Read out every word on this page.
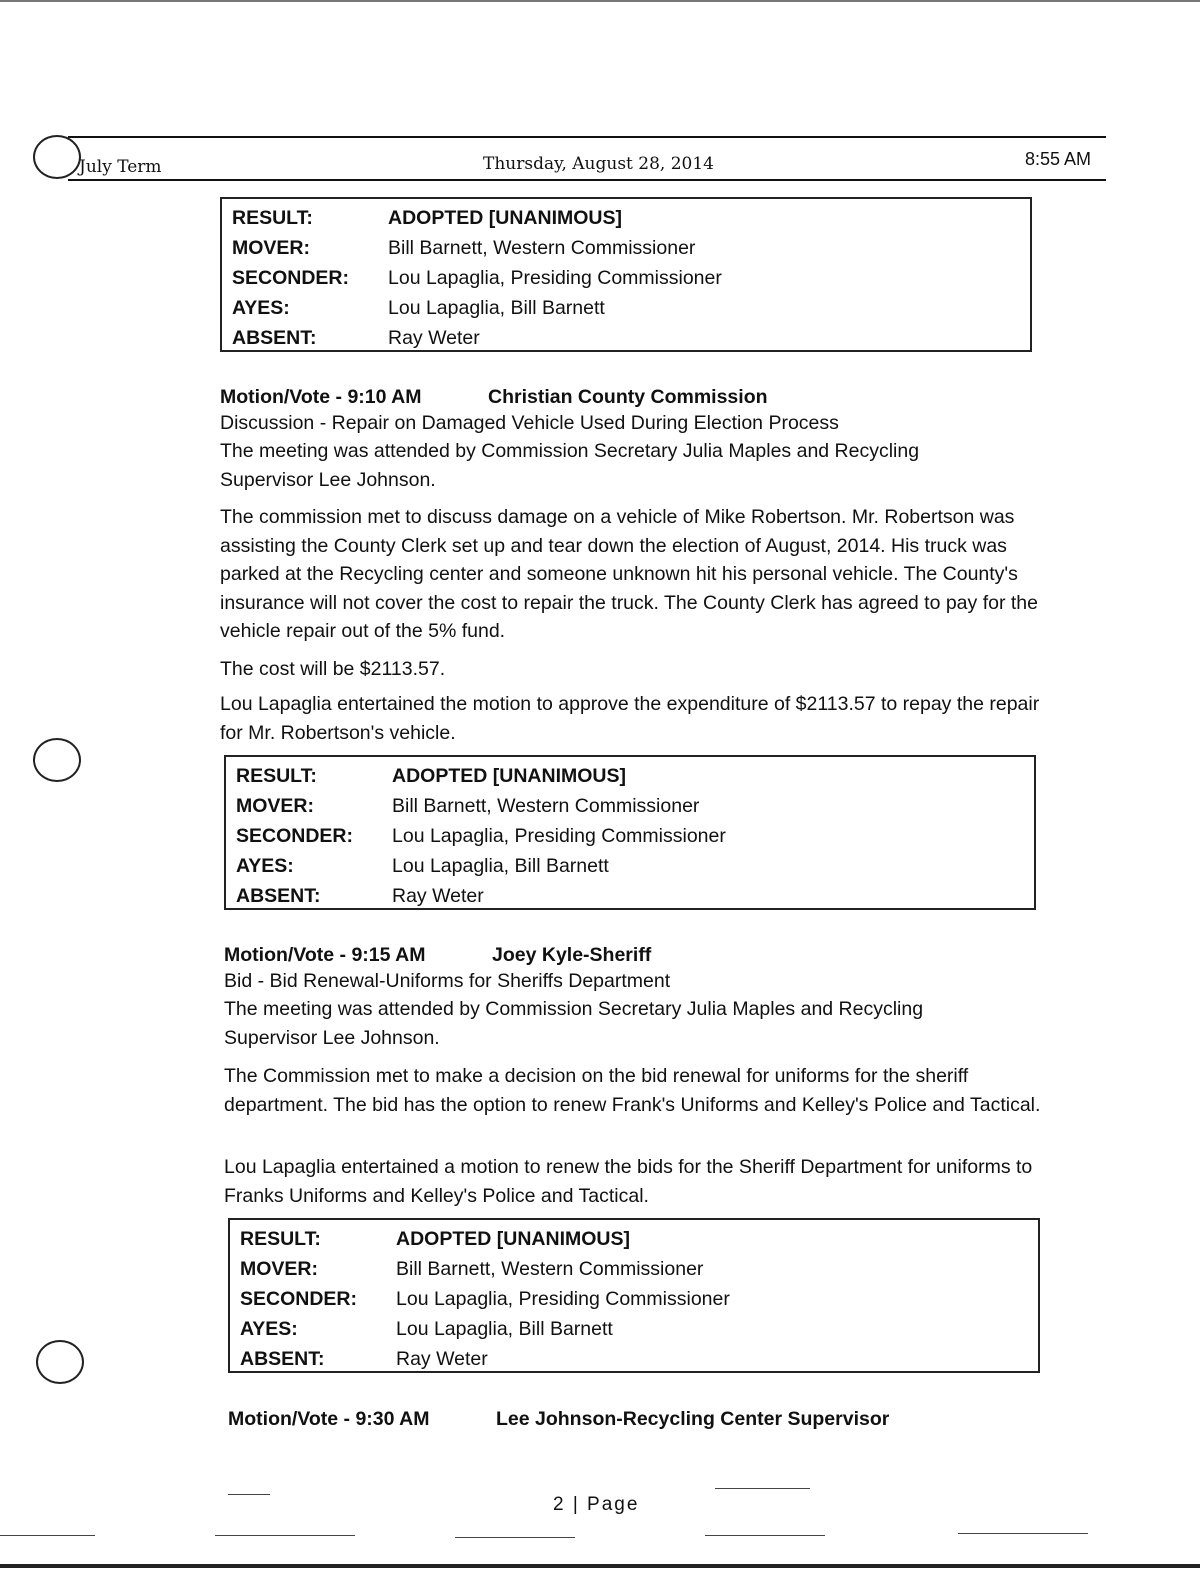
July Term	Thursday, August 28, 2014	8:55 AM
RESULT:	ADOPTED [UNANIMOUS]
MOVER:	Bill Barnett, Western Commissioner
SECONDER:	Lou Lapaglia, Presiding Commissioner
AYES:	Lou Lapaglia, Bill Barnett
ABSENT:	Ray Weter
Motion/Vote - 9:10 AM	Christian County Commission
Discussion - Repair on Damaged Vehicle Used During Election Process
The meeting was attended by Commission Secretary Julia Maples and Recycling
Supervisor Lee Johnson.
The commission met to discuss damage on a vehicle of Mike Robertson. Mr. Robertson was assisting the County Clerk set up and tear down the election of August, 2014. His truck was parked at the Recycling center and someone unknown hit his personal vehicle. The County's insurance will not cover the cost to repair the truck. The County Clerk has agreed to pay for the vehicle repair out of the 5% fund.
The cost will be $2113.57.
Lou Lapaglia entertained the motion to approve the expenditure of $2113.57 to repay the repair for Mr. Robertson's vehicle.
RESULT:	ADOPTED [UNANIMOUS]
MOVER:	Bill Barnett, Western Commissioner
SECONDER:	Lou Lapaglia, Presiding Commissioner
AYES:	Lou Lapaglia, Bill Barnett
ABSENT:	Ray Weter
Motion/Vote - 9:15 AM	Joey Kyle-Sheriff
Bid - Bid Renewal-Uniforms for Sheriffs Department
The meeting was attended by Commission Secretary Julia Maples and Recycling
Supervisor Lee Johnson.
The Commission met to make a decision on the bid renewal for uniforms for the sheriff department. The bid has the option to renew Frank's Uniforms and Kelley's Police and Tactical.
Lou Lapaglia entertained a motion to renew the bids for the Sheriff Department for uniforms to Franks Uniforms and Kelley's Police and Tactical.
RESULT:	ADOPTED [UNANIMOUS]
MOVER:	Bill Barnett, Western Commissioner
SECONDER:	Lou Lapaglia, Presiding Commissioner
AYES:	Lou Lapaglia, Bill Barnett
ABSENT:	Ray Weter
Motion/Vote - 9:30 AM	Lee Johnson-Recycling Center Supervisor
2 | Page
